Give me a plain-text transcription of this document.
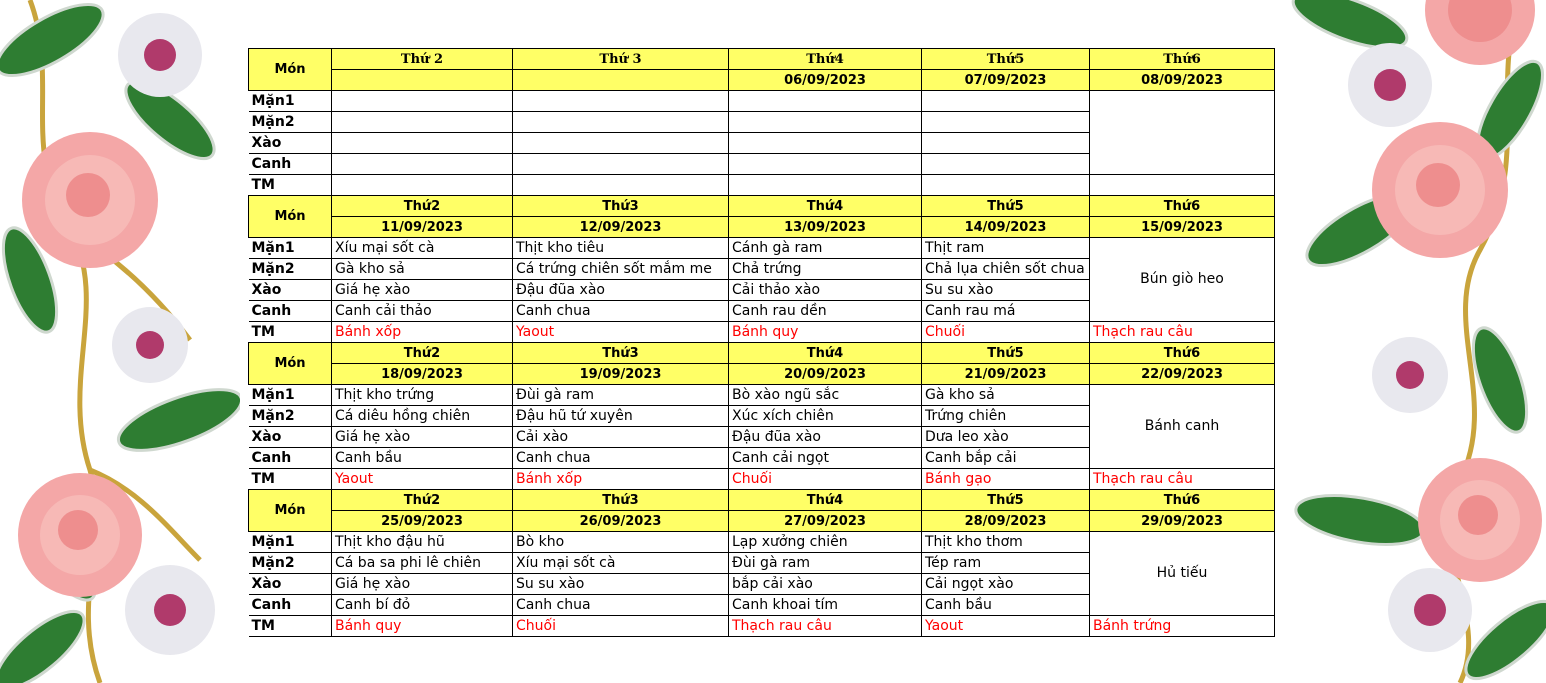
Món	Thứ 2	Thứ 3	Thứ4	Thứ5	Thứ6
			06/09/2023	07/09/2023	08/09/2023
Mặn1					
Mặn2					
Xào					
Canh					
TM					
Món	Thứ2	Thứ3	Thứ4	Thứ5	Thứ6
	11/09/2023	12/09/2023	13/09/2023	14/09/2023	15/09/2023
Mặn1	Xíu mại sốt cà	Thịt kho tiêu	Cánh gà ram	Thịt ram	Bún giò heo
Mặn2	Gà kho sả	Cá trứng chiên sốt mắm me	Chả trứng	Chả lụa chiên sốt chua	
Xào	Giá hẹ xào	Đậu đũa xào	Cải thảo xào	Su su xào	
Canh	Canh cải thảo	Canh chua	Canh rau dền	Canh rau má	
TM	Bánh xốp	Yaout	Bánh quy	Chuối	Thạch rau câu
Món	Thứ2	Thứ3	Thứ4	Thứ5	Thứ6
	18/09/2023	19/09/2023	20/09/2023	21/09/2023	22/09/2023
Mặn1	Thịt kho trứng	Đùi gà ram	Bò xào ngũ sắc	Gà kho sả	Bánh canh
Mặn2	Cá diêu hồng chiên	Đậu hũ tứ xuyên	Xúc xích chiên	Trứng chiên	
Xào	Giá hẹ xào	Cải xào	Đậu đũa xào	Dưa leo xào	
Canh	Canh bầu	Canh chua	Canh cải ngọt	Canh bắp cải	
TM	Yaout	Bánh xốp	Chuối	Bánh gạo	Thạch rau câu
Món	Thứ2	Thứ3	Thứ4	Thứ5	Thứ6
	25/09/2023	26/09/2023	27/09/2023	28/09/2023	29/09/2023
Mặn1	Thịt kho đậu hũ	Bò kho	Lạp xưởng chiên	Thịt kho thơm	Hủ tiếu
Mặn2	Cá ba sa phi lê chiên	Xíu mại sốt cà	Đùi gà ram	Tép ram	
Xào	Giá hẹ xào	Su su xào	bắp cải xào	Cải ngọt xào	
Canh	Canh bí đỏ	Canh chua	Canh khoai tím	Canh bầu	
TM	Bánh quy	Chuối	Thạch rau câu	Yaout	Bánh trứng
